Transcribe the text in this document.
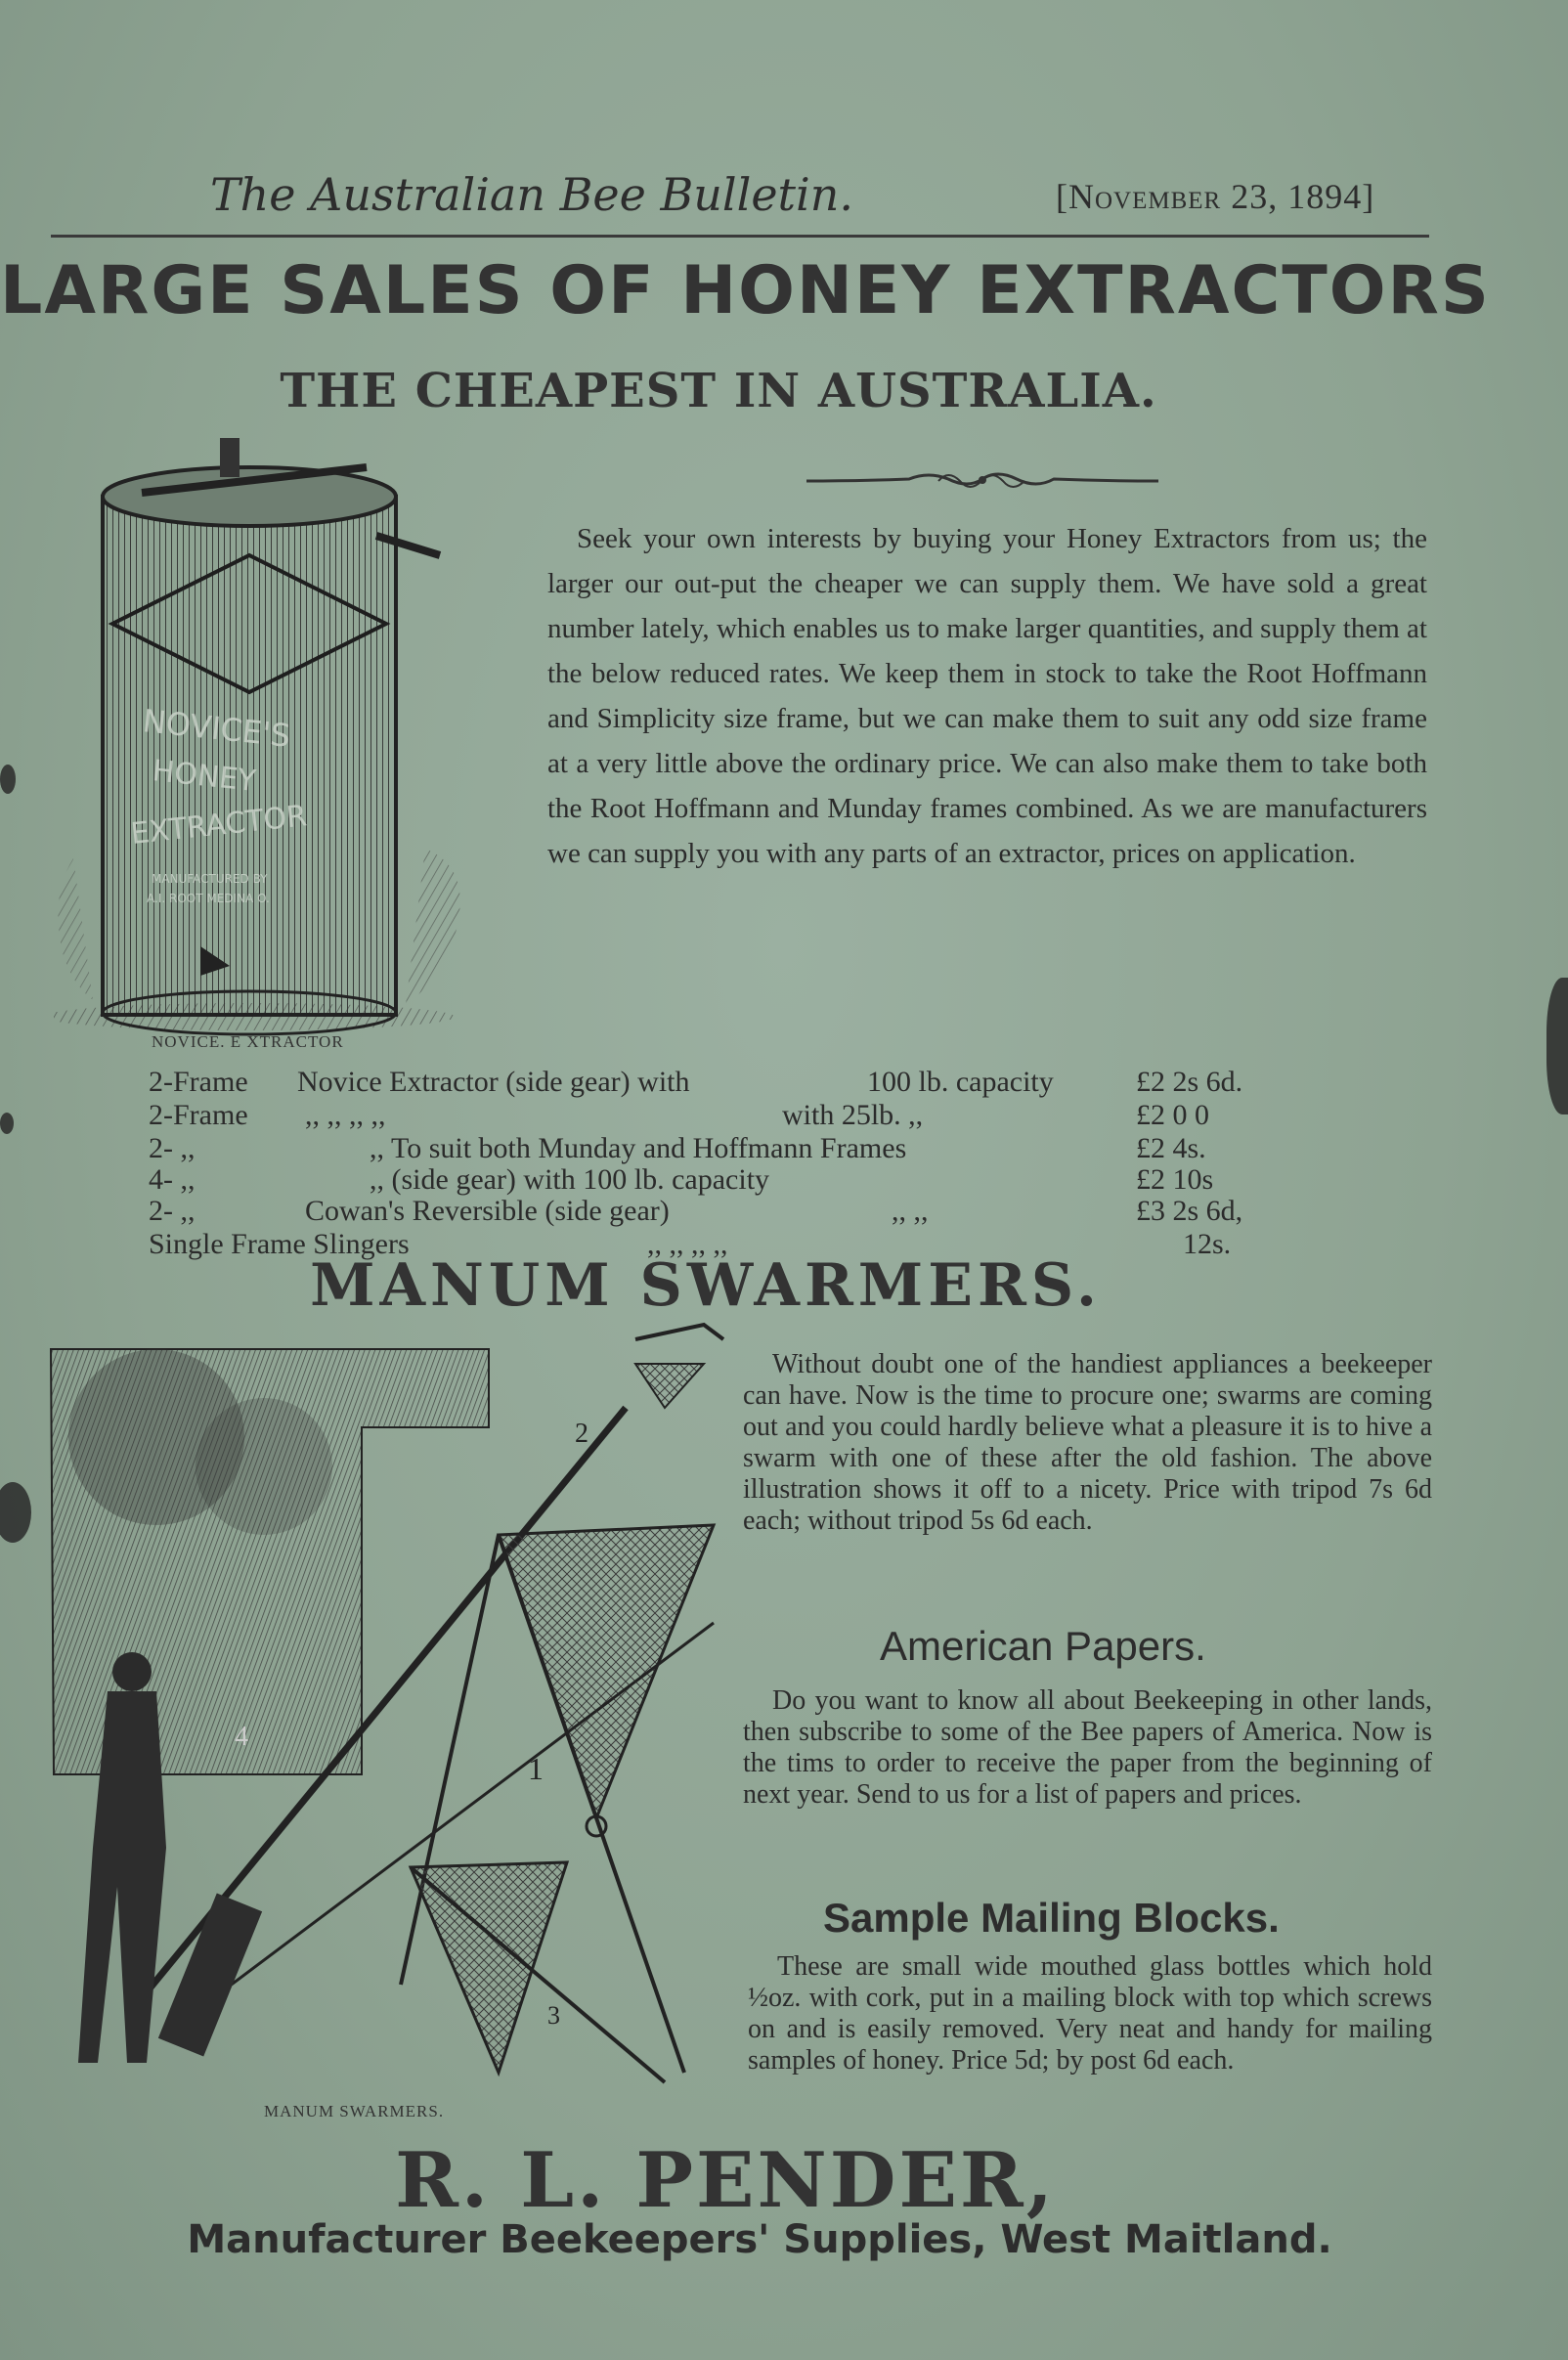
The Australian Bee Bulletin.	[November 23, 1894]
LARGE SALES OF HONEY EXTRACTORS
THE CHEAPEST IN AUSTRALIA.
NOVICE'S
HONEY
EXTRACTOR
MANUFACTURED BY
A.I. ROOT MEDINA O.
NOVICE. E XTRACTOR
Seek your own interests by buying your Honey Extractors from us; the larger our out-put the cheaper we can supply them. We have sold a great number lately, which enables us to make larger quantities, and supply them at the below reduced rates. We keep them in stock to take the Root Hoffmann and Simplicity size frame, but we can make them to suit any odd size frame at a very little above the ordinary price. We can also make them to take both the Root Hoffmann and Munday frames combined. As we are manufacturers we can supply you with any parts of an extractor, prices on application.
2-Frame Novice Extractor (side gear) with	100 lb. capacity	£2 2s 6d.
2-Frame ,, ,, ,, ,,	with 25lb. ,,	£2 0 0
2- ,,	,, To suit both Munday and Hoffmann Frames	£2 4s.
4- ,,	,, (side gear) with 100 lb. capacity	£2 10s
2- ,,	Cowan's Reversible (side gear)	,, ,,	£3 2s 6d,
Single Frame Slingers	,, ,, ,, ,,	12s.
MANUM SWARMERS.
2
1
3
4
MANUM SWARMERS.
Without doubt one of the handiest appliances a beekeeper can have. Now is the time to procure one; swarms are coming out and you could hardly believe what a pleasure it is to hive a swarm with one of these after the old fashion. The above illustration shows it off to a nicety. Price with tripod 7s 6d each; without tripod 5s 6d each.
American Papers.
Do you want to know all about Beekeeping in other lands, then subscribe to some of the Bee papers of America. Now is the tims to order to receive the paper from the beginning of next year. Send to us for a list of papers and prices.
Sample Mailing Blocks.
These are small wide mouthed glass bottles which hold ½oz. with cork, put in a mailing block with top which screws on and is easily removed. Very neat and handy for mailing samples of honey. Price 5d; by post 6d each.
R. L. PENDER,
Manufacturer Beekeepers' Supplies, West Maitland.
